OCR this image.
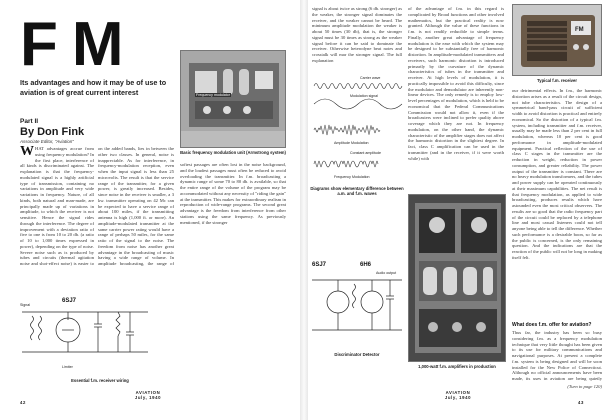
FM
Its advantages and how it may be of use to aviation is of great current interest
Part II
By Don Fink
Associate Editor, "Aviation"
WHAT advantages accrue from using frequency modulation? In the first place, interference of all kinds is discriminated against. The explanation is that the frequency-modulated signal is a highly artificial type of transmission, containing no variations in amplitude and very wide variations in frequency. Nature, of all kinds, both natural and man-made, are principally made up of variations in amplitude, to which the receiver is not sensitive. Hence the signal rides through the interference. The degree of improvement with a deviation ratio of five to one is from 10 to 20 db. (a ratio of 10 to 1,000 times expressed in power), depending on the type of noise. Severe noise such as is produced by tubes and circuits (thermal agitation noise and shot-effect noise) is easier to
on the added bands, lies in between the other two classes. In general, noise is inappreciable. As for interference, in frequency-modulation reception, even when the input signal is less than 25 microvolts. The result is that the service range of the transmitter, for a given power, is greatly increased. Besides, since noise in the receiver is smaller, a 3 kw. transmitter operating on 42 Mc can be expected to have a service range of about 100 miles, if the transmitting antenna is high (1,000 ft. or more). An amplitude-modulated transmitter at the same carrier power rating would have a range of perhaps 50 miles, for the same ratio of the signal to the noise. The freedom from noise has another great advantage in the broadcasting of music having a wide range of volume. In amplitude broadcasting, the range of
Frequency modulator
Basic frequency modulation unit (Armstrong system)
softest passages are often lost in the noise background, and the loudest passages must often be reduced to avoid overloading the transmitter. In f.m. broadcasting a dynamic range of some 70 to 80 db. is available, so that the entire range of the volume of the program may be accommodated without any necessity of "riding the gain" at the transmitter. This makes for extraordinary realism in reproduction of wide-range programs. The second great advantage is the freedom from interference from other stations using the same frequency. As previously mentioned, if the stronger
6SJ7
Signal
Limiter
Essential f.m. receiver wiring
AVIATION
July, 1940
42
signal is about twice as strong (6 db. stronger) as the weaker, the stronger signal dominates the receiver, and the weaker cannot be heard. The minimum amplitude modulation the weaker is about 50 times (30 db), that is, the stronger signal must be 30 times as strong as the weaker signal before it can be said to dominate the receiver. Otherwise heterodyne beat notes and crosstalk will mar the stronger signal. The full explanation
Carrier wave
Modulation signal
Amplitude Modulation
Constant amplitude
Frequency Modulation
Diagrams show elementary difference between a.m. and f.m. waves
of the advantage of f.m. in this regard is complicated by Broad functions and other involved mathematics, but the practical reality is now granted. Although the value of these functions in f.m. is not readily reducible to simple terms. Finally, another great advantage of frequency modulation is the ease with which the system may be designed to be substantially free of harmonic distortion. In amplitude-modulated transmitters and receivers, such harmonic distortion is introduced primarily by the curvature of the dynamic characteristics of tubes in the transmitter and receiver. At high levels of modulation, it is practically impossible to avoid this difficulty, since the modulator and demodulator are inherently non-linear devices. The only remedy is to employ low-level percentages of modulation, which is held to be economical that the Federal Communications Commission would not allow it, even if the broadcasters were inclined to prefer quality above coverage which they are not. In frequency modulation, on the other hand, the dynamic characteristic of the amplifier stages does not affect the harmonic distortion in the slightest degree. In fact, class C amplification can be used in the transmitter (and in the receiver, if it were worth while) with
FM
Typical f.m. receiver
our detrimental effects. In f.m., the harmonic distortion arises as a result of the circuit design, not tube characteristics. The design of a symmetrical band-pass circuit of sufficient width to avoid distortion is practical and entirely economical. So the distortion of a typical f.m. system, including transmitter and f.m. receiver, usually may be made less than 2 per cent in full modulation, whereas 10 per cent is good performance in amplitude-modulated equipment. Practical reflection of the use of class C stages in the transmitter are the reduction in weight, reduction in power consumption, and greater reliability. The power output of the transmitter is constant. There are no heavy modulation transformers, and the tubes and power supply can be operated continuously at their maximum capabilities. The net result is that frequency modulation, as applied to wide broadcasting, produces results which have astounded even the most critical observers. The results are so good that the radio frequency part of the circuit could be replaced by a telephone line and most casual listeners could not tell anyone being able to tell the difference. Whether such performance is a desirable boon, so far as the public is concerned, is the only remaining question. And the indications are that the reaction of the public will not be long in making itself felt.
1,000-watt f.m. amplifiers in production
6SJ7	6H6
Audio output
Discriminator Detector
What does f.m. offer for aviation?
Thus far, the industry has been so busy considering f.m. as a frequency modulation technique that very little thought has been given to its use for military communications and navigational purposes. At present a complete f.m. system is being designed and will be soon installed for the New Police of Connecticut. Although no official announcements have been made, its uses in aviation are being quietly
(Turn to page 120)
AVIATION
July, 1940
43
